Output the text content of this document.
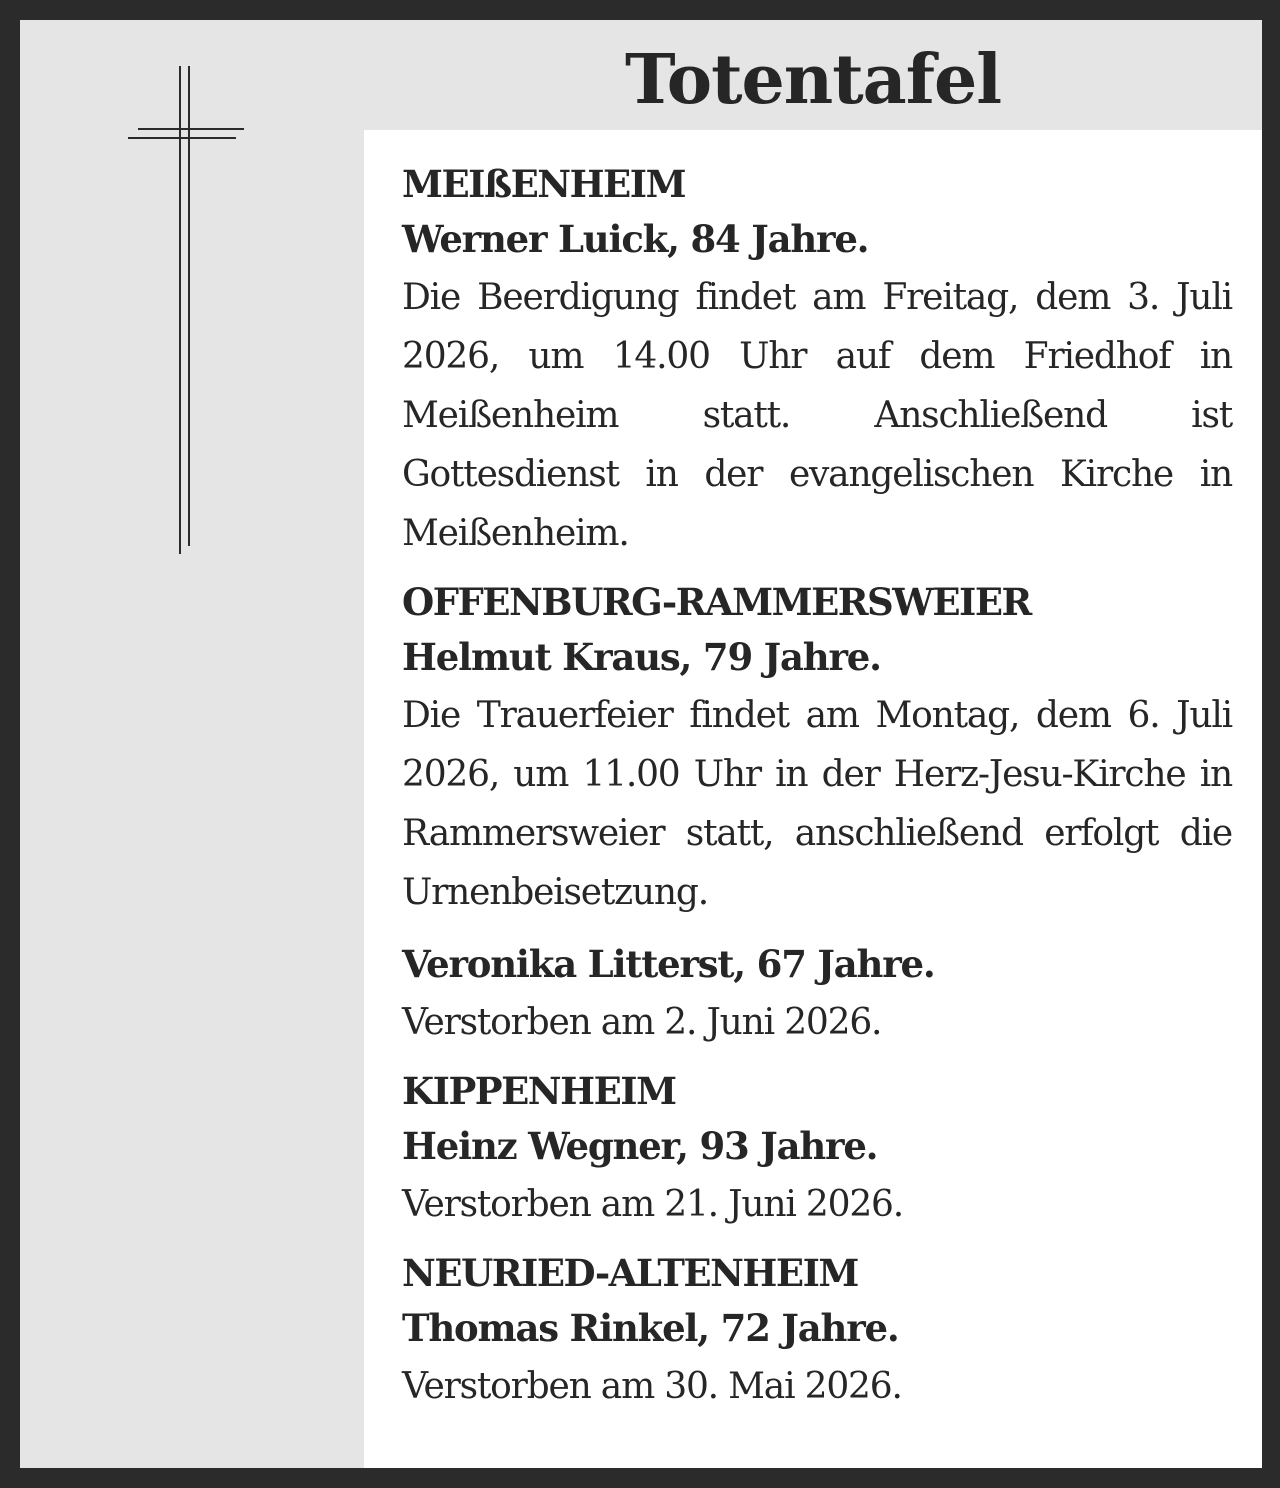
Totentafel
MEIßENHEIM
Werner Luick, 84 Jahre.
Die Beerdigung findet am Freitag, dem 3. Juli 2026, um 14.00 Uhr auf dem Friedhof in Meißenheim statt. Anschließend ist Gottesdienst in der evangelischen Kirche in Meißenheim.
OFFENBURG-RAMMERSWEIER
Helmut Kraus, 79 Jahre.
Die Trauerfeier findet am Montag, dem 6. Juli 2026, um 11.00 Uhr in der Herz-Jesu-Kirche in Rammersweier statt, anschließend erfolgt die Urnenbeisetzung.
Veronika Litterst, 67 Jahre.
Verstorben am 2. Juni 2026.
KIPPENHEIM
Heinz Wegner, 93 Jahre.
Verstorben am 21. Juni 2026.
NEURIED-ALTENHEIM
Thomas Rinkel, 72 Jahre.
Verstorben am 30. Mai 2026.
